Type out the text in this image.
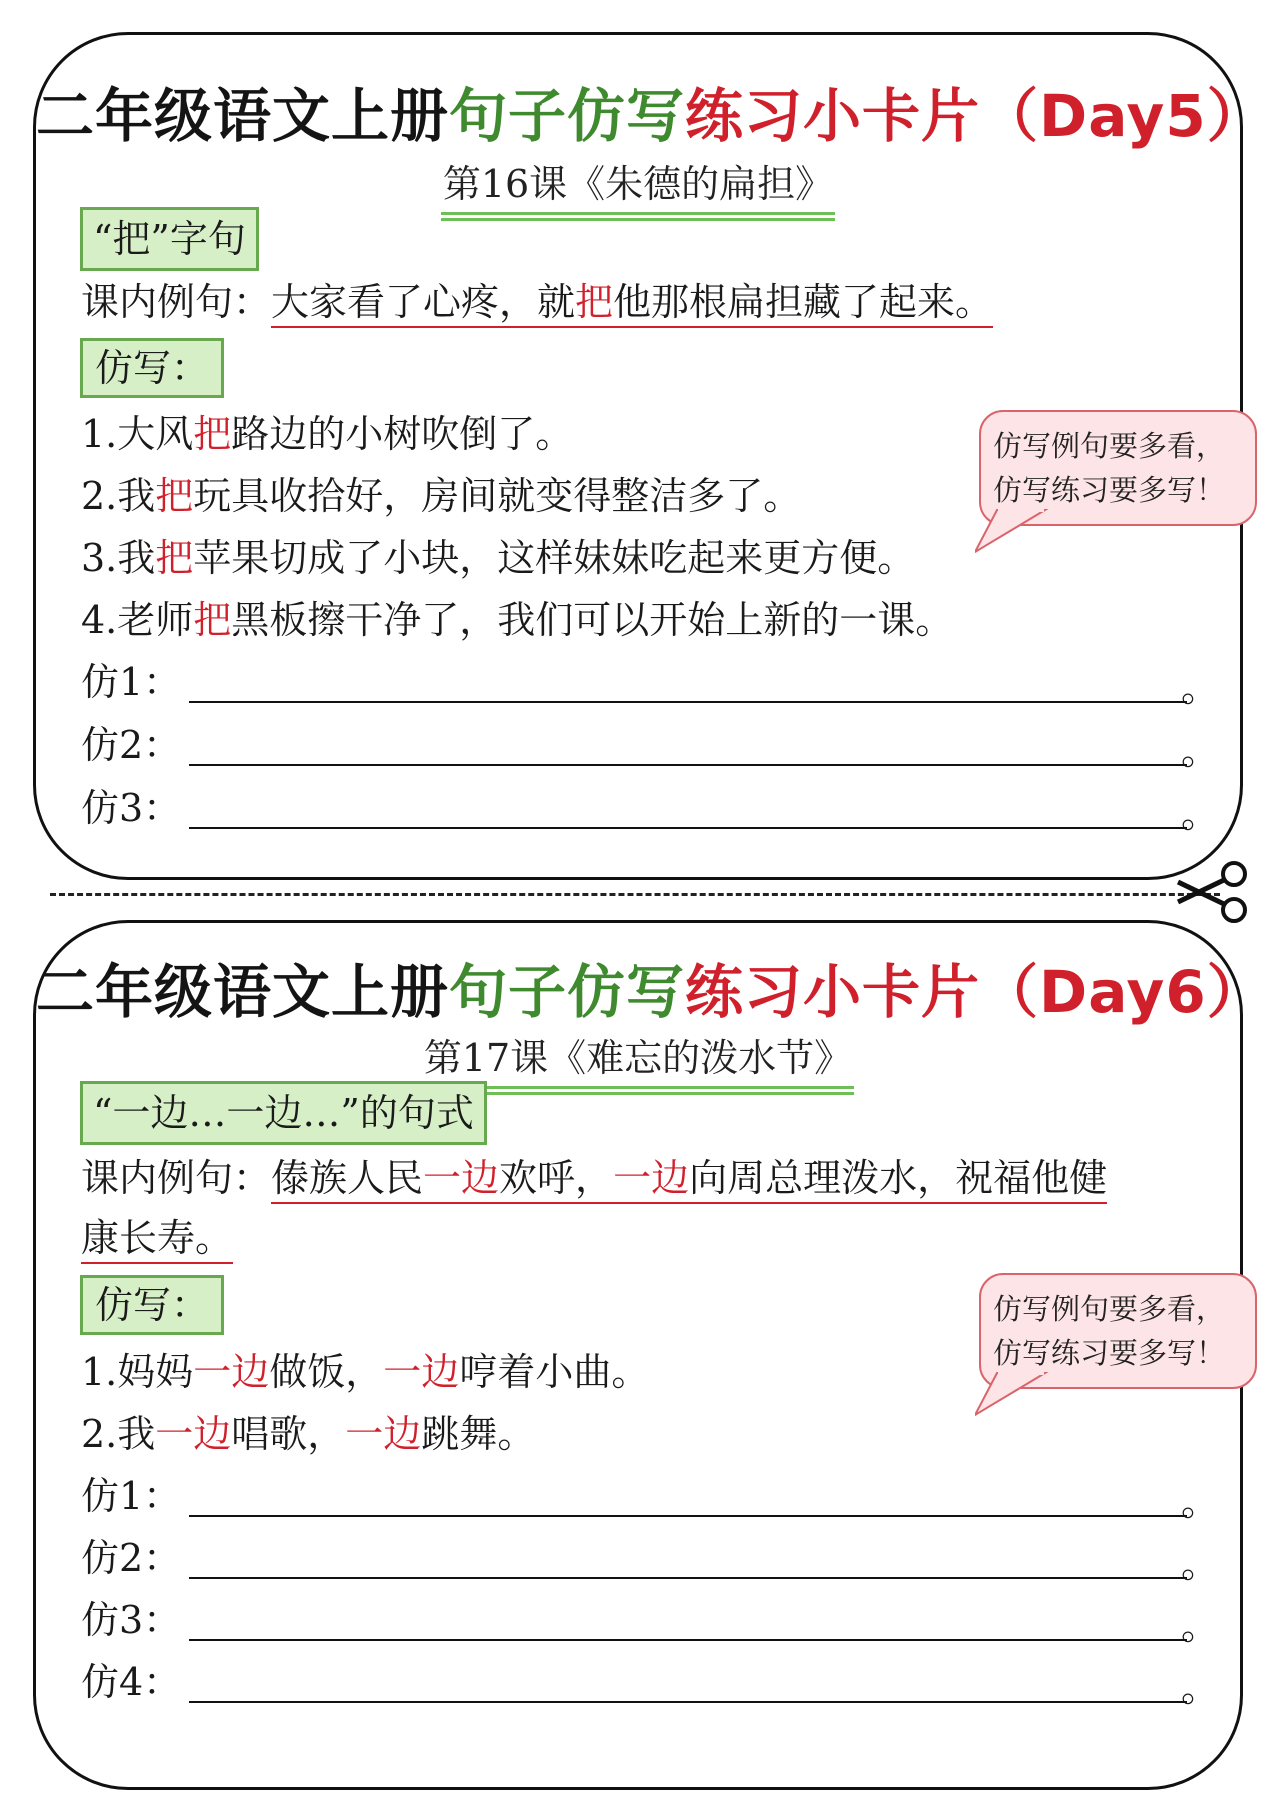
二年级语文上册句子仿写练习小卡片（Day5）
第16课《朱德的扁担》
“把”字句
课内例句：大家看了心疼，就把他那根扁担藏了起来。
仿写：
1.大风把路边的小树吹倒了。
2.我把玩具收拾好，房间就变得整洁多了。
3.我把苹果切成了小块，这样妹妹吃起来更方便。
4.老师把黑板擦干净了，我们可以开始上新的一课。
仿1：	。
仿2：	。
仿3：	。
仿写例句要多看，
仿写练习要多写！
二年级语文上册句子仿写练习小卡片（Day6）
第17课《难忘的泼水节》
“一边…一边…”的句式
课内例句：傣族人民一边欢呼，一边向周总理泼水，祝福他健
康长寿。
仿写：
1.妈妈一边做饭，一边哼着小曲。
2.我一边唱歌，一边跳舞。
仿1：	。
仿2：	。
仿3：	。
仿4：	。
仿写例句要多看，
仿写练习要多写！
